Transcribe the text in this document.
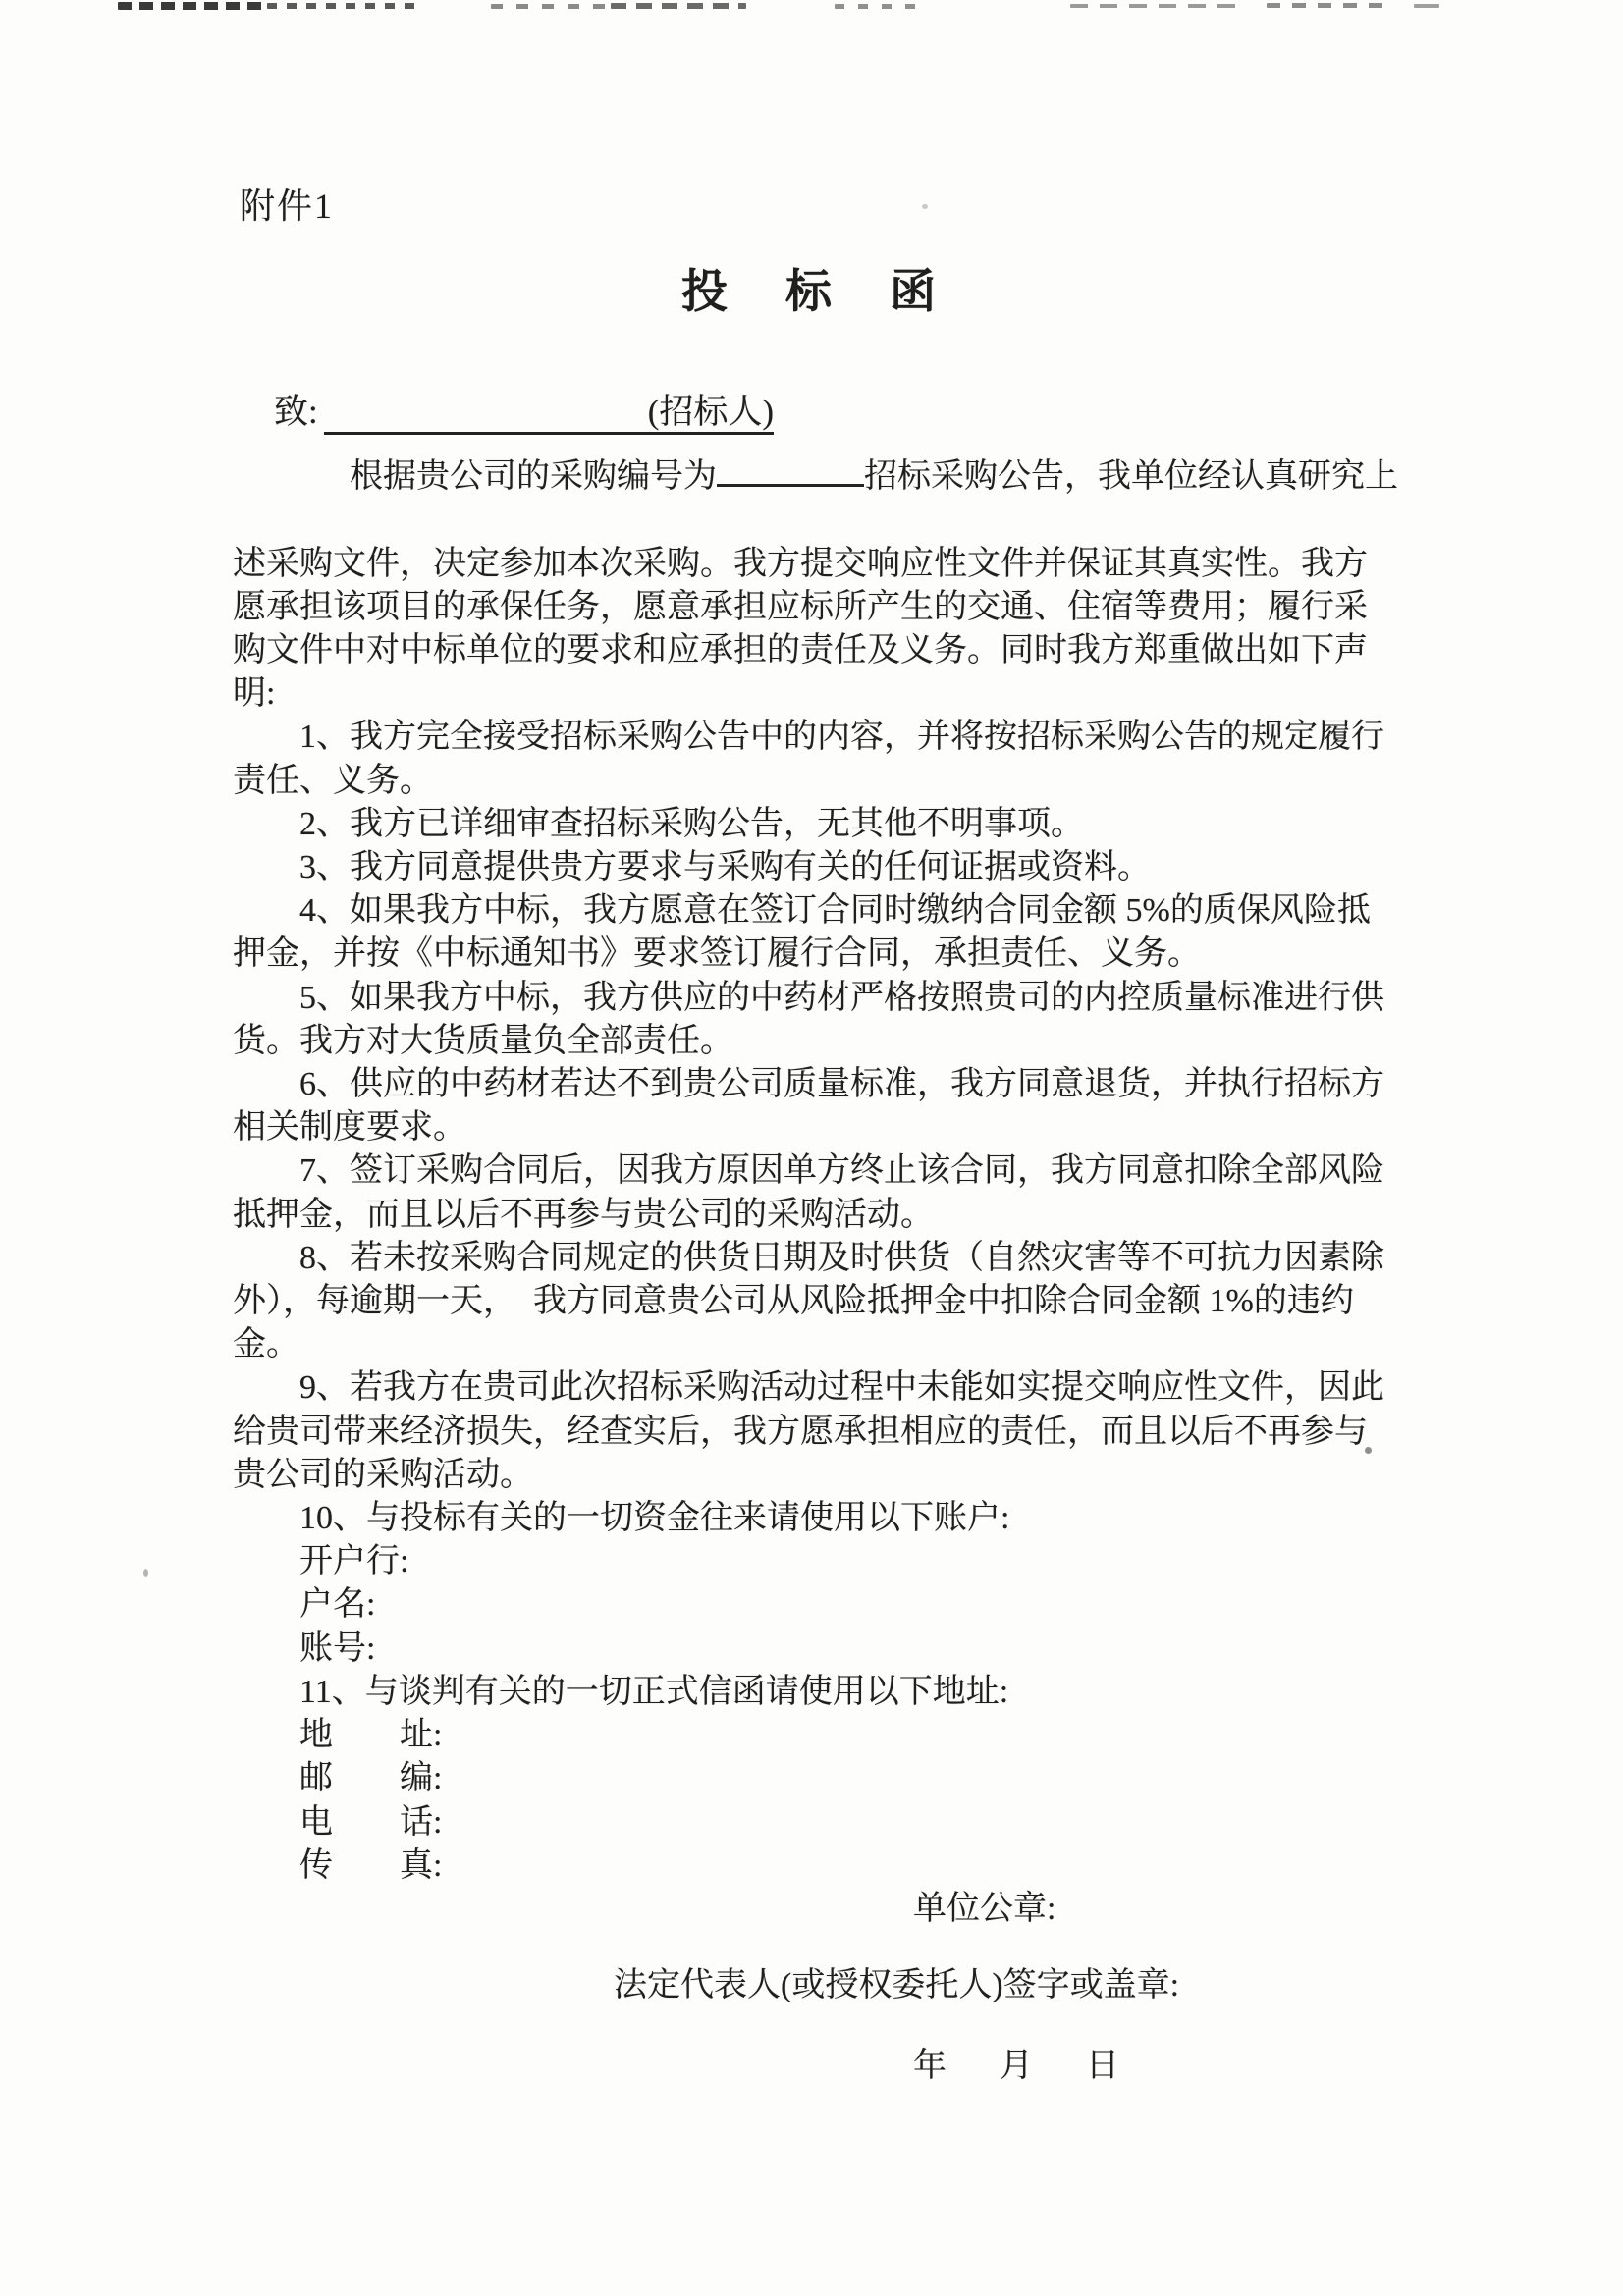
附件1
投　标　函

致:	(招标人)

根据贵公司的采购编号为	招标采购公告，我单位经认真研究上

述采购文件，决定参加本次采购。我方提交响应性文件并保证其真实性。我方
愿承担该项目的承保任务，愿意承担应标所产生的交通、住宿等费用；履行采
购文件中对中标单位的要求和应承担的责任及义务。同时我方郑重做出如下声
明:
1、我方完全接受招标采购公告中的内容，并将按招标采购公告的规定履行
责任、义务。
2、我方已详细审查招标采购公告，无其他不明事项。
3、我方同意提供贵方要求与采购有关的任何证据或资料。
4、如果我方中标，我方愿意在签订合同时缴纳合同金额 5%的质保风险抵
押金，并按《中标通知书》要求签订履行合同，承担责任、义务。
5、如果我方中标，我方供应的中药材严格按照贵司的内控质量标准进行供
货。我方对大货质量负全部责任。
6、供应的中药材若达不到贵公司质量标准，我方同意退货，并执行招标方
相关制度要求。
7、签订采购合同后，因我方原因单方终止该合同，我方同意扣除全部风险
抵押金，而且以后不再参与贵公司的采购活动。
8、若未按采购合同规定的供货日期及时供货（自然灾害等不可抗力因素除
外），每逾期一天，　我方同意贵公司从风险抵押金中扣除合同金额 1%的违约
金。
9、若我方在贵司此次招标采购活动过程中未能如实提交响应性文件，因此
给贵司带来经济损失，经查实后，我方愿承担相应的责任，而且以后不再参与
贵公司的采购活动。
10、与投标有关的一切资金往来请使用以下账户:
开户行:
户名:
账号:
11、与谈判有关的一切正式信函请使用以下地址:
地　　址:
邮　　编:
电　　话:
传　　真:
单位公章:
法定代表人(或授权委托人)签字或盖章:
年　月　日
